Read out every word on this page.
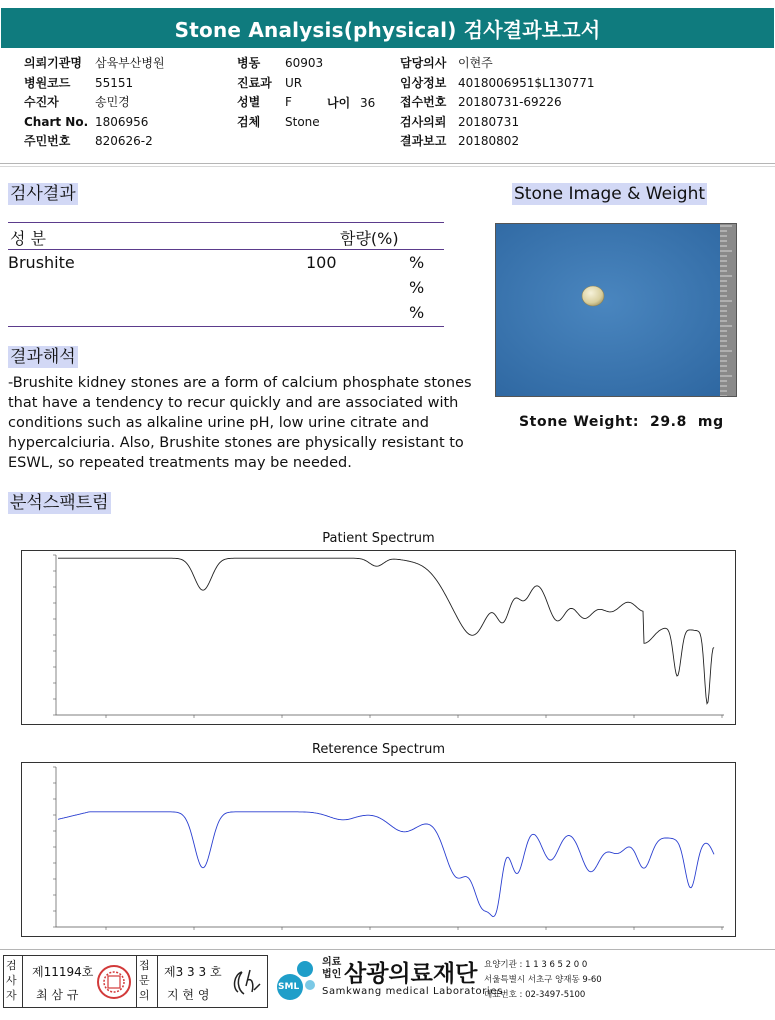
Stone Analysis(physical) 검사결과보고서
의뢰기관명 삼육부산병원
병원코드 55151
수진자	송민경
Chart No. 1806956
주민번호 820626-2
병동 60903
진료과 UR
성별 F
검체 Stone
담당의사 이현주
임상정보 4018006951$L130771
접수번호 20180731-69226
검사의뢰 20180731
결과보고 20180802
나이 36
검사결과
성 분	함량(%)
Brushite	100	%
%
%
Stone Image & Weight
Stone Weight: 29.8 mg
결과해석
-Brushite kidney stones are a form of calcium phosphate stones that have a tendency to recur quickly and are associated with conditions such as alkaline urine pH, low urine citrate and hypercalciuria. Also, Brushite stones are physically resistant to ESWL, so repeated treatments may be needed.
분석스팩트럼
Patient Spectrum
Reterence Spectrum
검사자
제11194호
최 삼 규
접문의
제3 3 3 호
지 현 영
SML
의료법인 삼광의료재단
Samkwang medical Laboratories
요양기관 : 1 1 3 6 5 2 0 0
서울특별시 서초구 양재동 9-60
대표번호 : 02-3497-5100
